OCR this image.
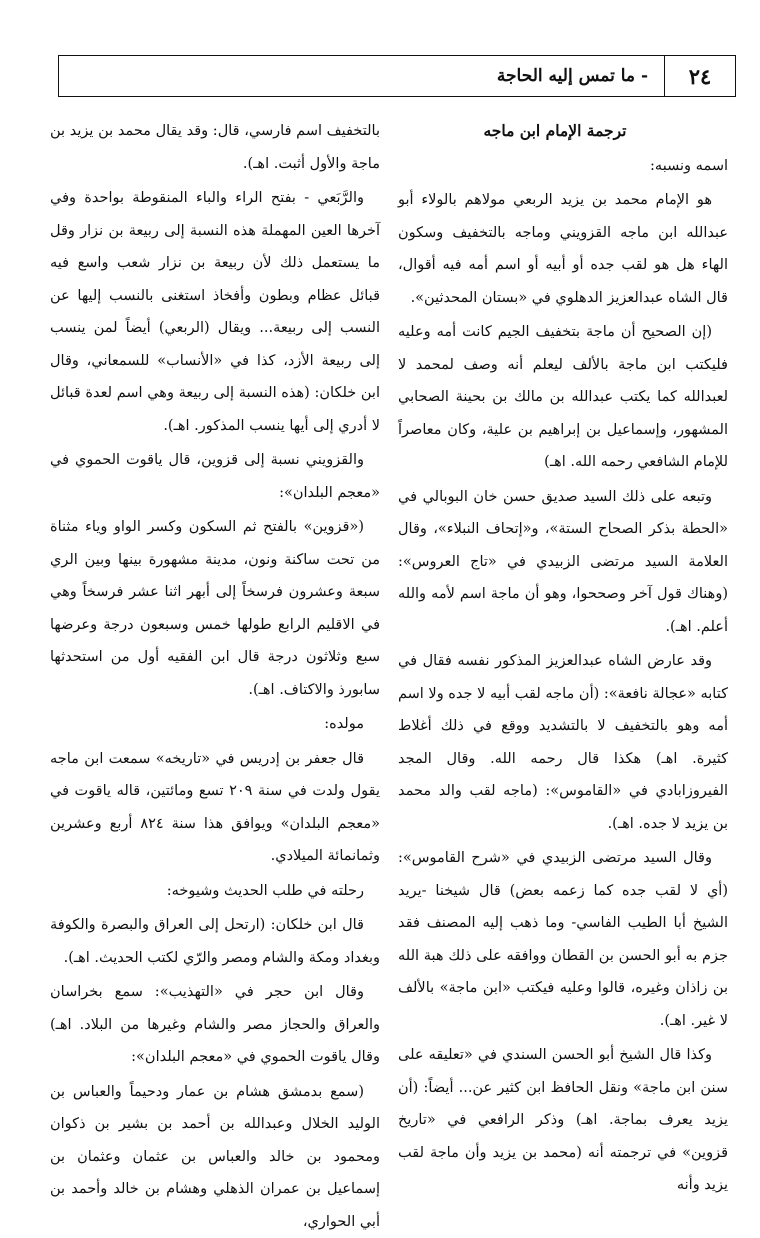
٢٤
- ما تمس إليه الحاجة

ترجمة الإمام ابن ماجه

اسمه ونسبه:

هو الإمام محمد بن يزيد الربعي مولاهم بالولاء أبو عبدالله ابن ماجه القزويني وماجه بالتخفيف وسكون الهاء هل هو لقب جده أو أبيه أو اسم أمه فيه أقوال، قال الشاه عبدالعزيز الدهلوي في «بستان المحدثين».

(إن الصحيح أن ماجة بتخفيف الجيم كانت أمه وعليه فليكتب ابن ماجة بالألف ليعلم أنه وصف لمحمد لا لعبدالله كما يكتب عبدالله بن مالك بن بحينة الصحابي المشهور، وإسماعيل بن إبراهيم بن علية، وكان معاصراً للإمام الشافعي رحمه الله. اهـ)

وتبعه على ذلك السيد صديق حسن خان البوبالي في «الحطة بذكر الصحاح الستة»، و«إتحاف النبلاء»، وقال العلامة السيد مرتضى الزبيدي في «تاج العروس»: (وهناك قول آخر وصححوا، وهو أن ماجة اسم لأمه والله أعلم. اهـ).

وقد عارض الشاه عبدالعزيز المذكور نفسه فقال في كتابه «عجالة نافعة»: (أن ماجه لقب أبيه لا جده ولا اسم أمه وهو بالتخفيف لا بالتشديد ووقع في ذلك أغلاط كثيرة. اهـ) هكذا قال رحمه الله. وقال المجد الفيروزابادي في «القاموس»: (ماجه لقب والد محمد بن يزيد لا جده. اهـ).

وقال السيد مرتضى الزبيدي في «شرح القاموس»: (أي لا لقب جده كما زعمه بعض) قال شيخنا -يريد الشيخ أبا الطيب الفاسي- وما ذهب إليه المصنف فقد جزم به أبو الحسن بن القطان ووافقه على ذلك هبة الله بن زاذان وغيره، قالوا وعليه فيكتب «ابن ماجة» بالألف لا غير. اهـ).

وكذا قال الشيخ أبو الحسن السندي في «تعليقه على سنن ابن ماجة» ونقل الحافظ ابن كثير عن... أيضاً: (أن يزيد يعرف بماجة. اهـ) وذكر الرافعي في «تاريخ قزوين» في ترجمته أنه (محمد بن يزيد وأن ماجة لقب يزيد وأنه

بالتخفيف اسم فارسي، قال: وقد يقال محمد بن يزيد بن ماجة والأول أثبت. اهـ).

والرَّبَعي - بفتح الراء والباء المنقوطة بواحدة وفي آخرها العين المهملة هذه النسبة إلى ربيعة بن نزار وقل ما يستعمل ذلك لأن ربيعة بن نزار شعب واسع فيه قبائل عظام وبطون وأفخاذ استغنى بالنسب إليها عن النسب إلى ربيعة... ويقال (الربعي) أيضاً لمن ينسب إلى ربيعة الأزد، كذا في «الأنساب» للسمعاني، وقال ابن خلكان: (هذه النسبة إلى ربيعة وهي اسم لعدة قبائل لا أدري إلى أيها ينسب المذكور. اهـ).

والقزويني نسبة إلى قزوين، قال ياقوت الحموي في «معجم البلدان»:

(«قزوين» بالفتح ثم السكون وكسر الواو وياء مثناة من تحت ساكنة ونون، مدينة مشهورة بينها وبين الري سبعة وعشرون فرسخاً إلى أبهر اثنا عشر فرسخاً وهي في الاقليم الرابع طولها خمس وسبعون درجة وعرضها سبع وثلاثون درجة قال ابن الفقيه أول من استحدثها سابورذ والاكتاف. اهـ).

مولده:

قال جعفر بن إدريس في «تاريخه» سمعت ابن ماجه يقول ولدت في سنة ٢٠٩ تسع ومائتين، قاله ياقوت في «معجم البلدان» ويوافق هذا سنة ٨٢٤ أربع وعشرين وثمانمائة الميلادي.

رحلته في طلب الحديث وشيوخه:

قال ابن خلكان: (ارتحل إلى العراق والبصرة والكوفة وبغداد ومكة والشام ومصر والرّي لكتب الحديث. اهـ).

وقال ابن حجر في «التهذيب»: سمع بخراسان والعراق والحجاز مصر والشام وغيرها من البلاد. اهـ) وقال ياقوت الحموي في «معجم البلدان»:

(سمع بدمشق هشام بن عمار ودحيماً والعباس بن الوليد الخلال وعبدالله بن أحمد بن بشير بن ذكوان ومحمود بن خالد والعباس بن عثمان وعثمان بن إسماعيل بن عمران الذهلي وهشام بن خالد وأحمد بن أبي الحواري،
